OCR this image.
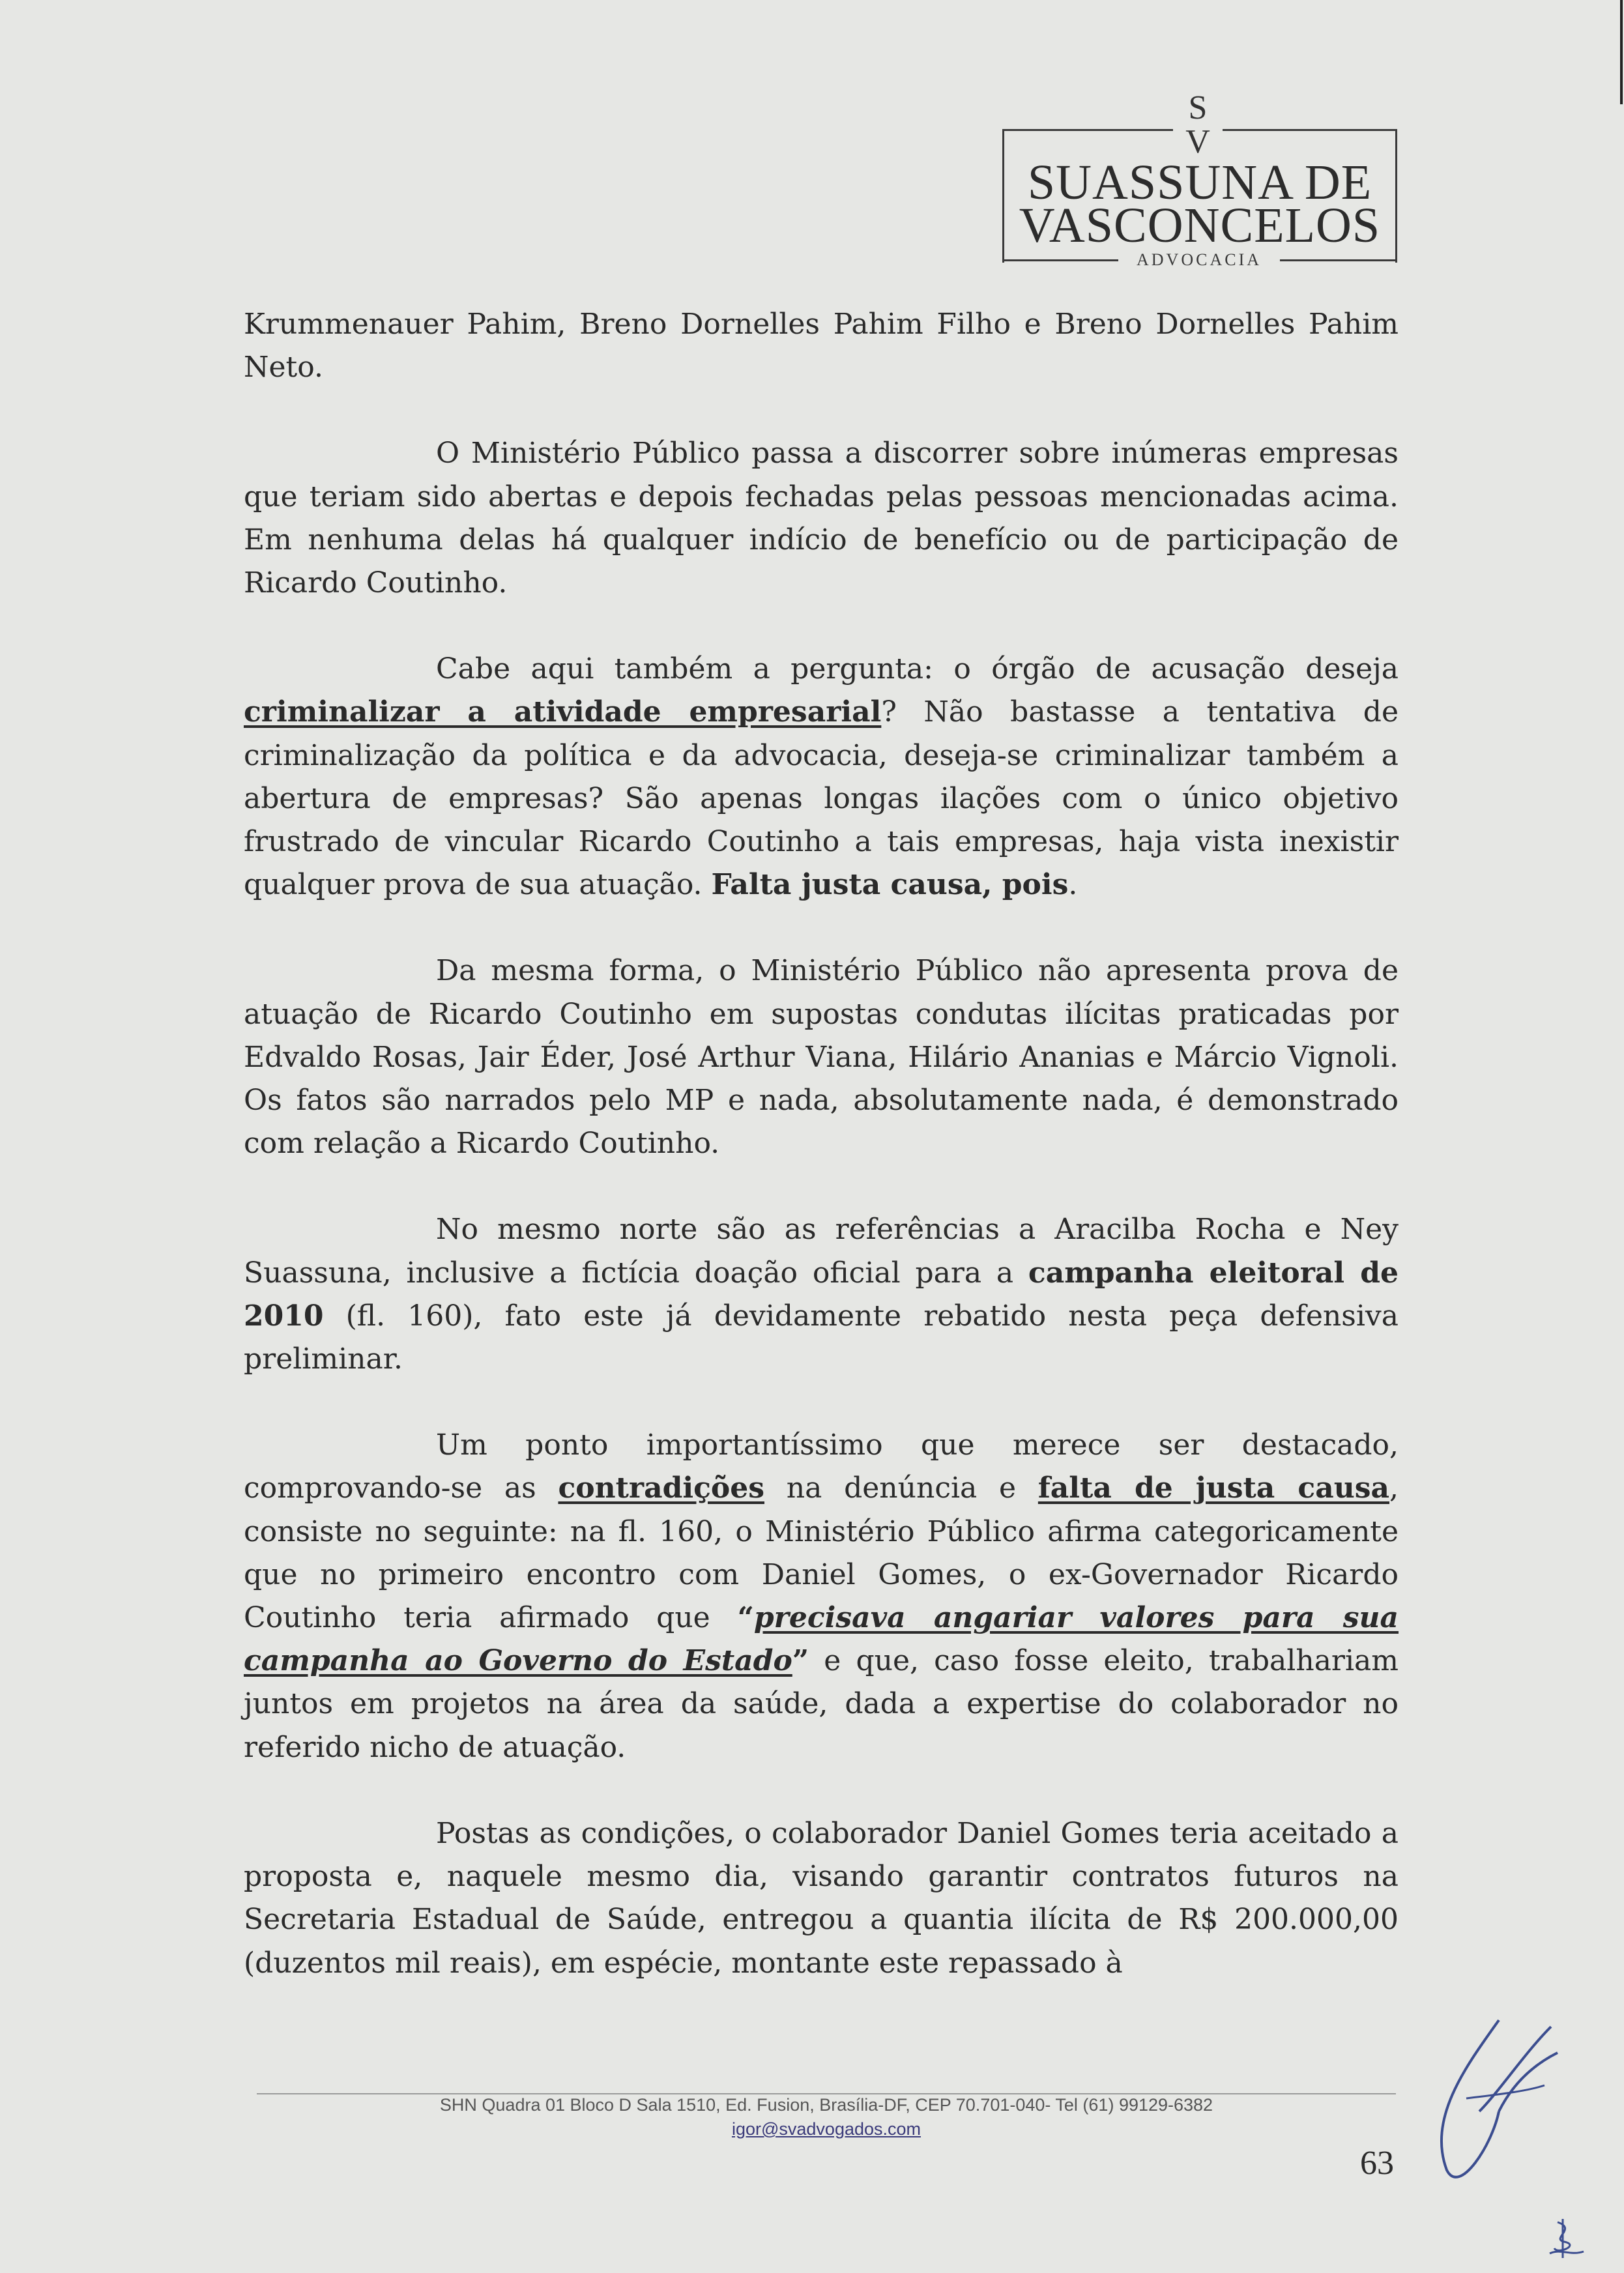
S
V
SUASSUNA DE
VASCONCELOS
ADVOCACIA

Krummenauer Pahim, Breno Dornelles Pahim Filho e Breno Dornelles Pahim Neto.

O Ministério Público passa a discorrer sobre inúmeras empresas que teriam sido abertas e depois fechadas pelas pessoas mencionadas acima. Em nenhuma delas há qualquer indício de benefício ou de participação de Ricardo Coutinho.

Cabe aqui também a pergunta: o órgão de acusação deseja criminalizar a atividade empresarial? Não bastasse a tentativa de criminalização da política e da advocacia, deseja-se criminalizar também a abertura de empresas? São apenas longas ilações com o único objetivo frustrado de vincular Ricardo Coutinho a tais empresas, haja vista inexistir qualquer prova de sua atuação. Falta justa causa, pois.

Da mesma forma, o Ministério Público não apresenta prova de atuação de Ricardo Coutinho em supostas condutas ilícitas praticadas por Edvaldo Rosas, Jair Éder, José Arthur Viana, Hilário Ananias e Márcio Vignoli. Os fatos são narrados pelo MP e nada, absolutamente nada, é demonstrado com relação a Ricardo Coutinho.

No mesmo norte são as referências a Aracilba Rocha e Ney Suassuna, inclusive a fictícia doação oficial para a campanha eleitoral de 2010 (fl. 160), fato este já devidamente rebatido nesta peça defensiva preliminar.

Um ponto importantíssimo que merece ser destacado, comprovando-se as contradições na denúncia e falta de justa causa, consiste no seguinte: na fl. 160, o Ministério Público afirma categoricamente que no primeiro encontro com Daniel Gomes, o ex-Governador Ricardo Coutinho teria afirmado que “precisava angariar valores para sua campanha ao Governo do Estado” e que, caso fosse eleito, trabalhariam juntos em projetos na área da saúde, dada a expertise do colaborador no referido nicho de atuação.

Postas as condições, o colaborador Daniel Gomes teria aceitado a proposta e, naquele mesmo dia, visando garantir contratos futuros na Secretaria Estadual de Saúde, entregou a quantia ilícita de R$ 200.000,00 (duzentos mil reais), em espécie, montante este repassado à

SHN Quadra 01 Bloco D Sala 1510, Ed. Fusion, Brasília-DF, CEP 70.701-040- Tel (61) 99129-6382
igor@svadvogados.com
63
